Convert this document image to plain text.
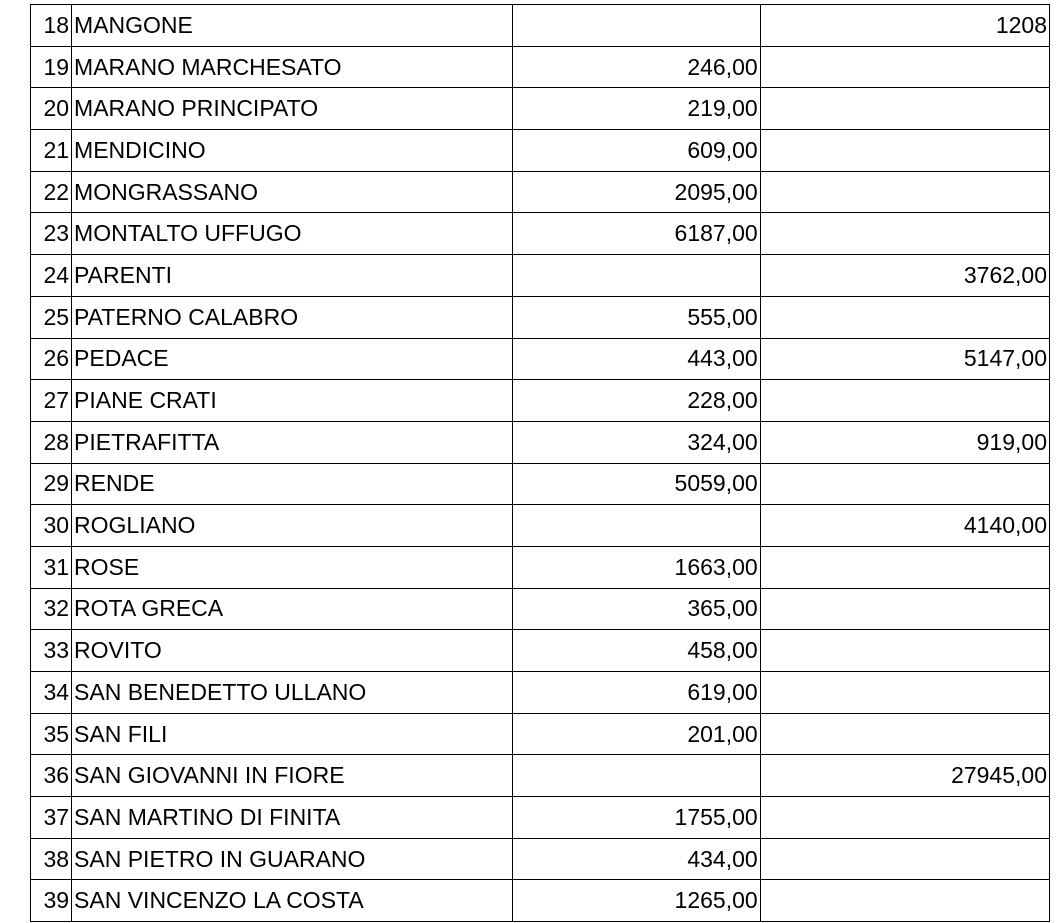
18	MANGONE		1208
19	MARANO MARCHESATO	246,00	
20	MARANO PRINCIPATO	219,00	
21	MENDICINO	609,00	
22	MONGRASSANO	2095,00	
23	MONTALTO UFFUGO	6187,00	
24	PARENTI		3762,00
25	PATERNO CALABRO	555,00	
26	PEDACE	443,00	5147,00
27	PIANE CRATI	228,00	
28	PIETRAFITTA	324,00	919,00
29	RENDE	5059,00	
30	ROGLIANO		4140,00
31	ROSE	1663,00	
32	ROTA GRECA	365,00	
33	ROVITO	458,00	
34	SAN BENEDETTO ULLANO	619,00	
35	SAN FILI	201,00	
36	SAN GIOVANNI IN FIORE		27945,00
37	SAN MARTINO DI FINITA	1755,00	
38	SAN PIETRO IN GUARANO	434,00	
39	SAN VINCENZO LA COSTA	1265,00	
